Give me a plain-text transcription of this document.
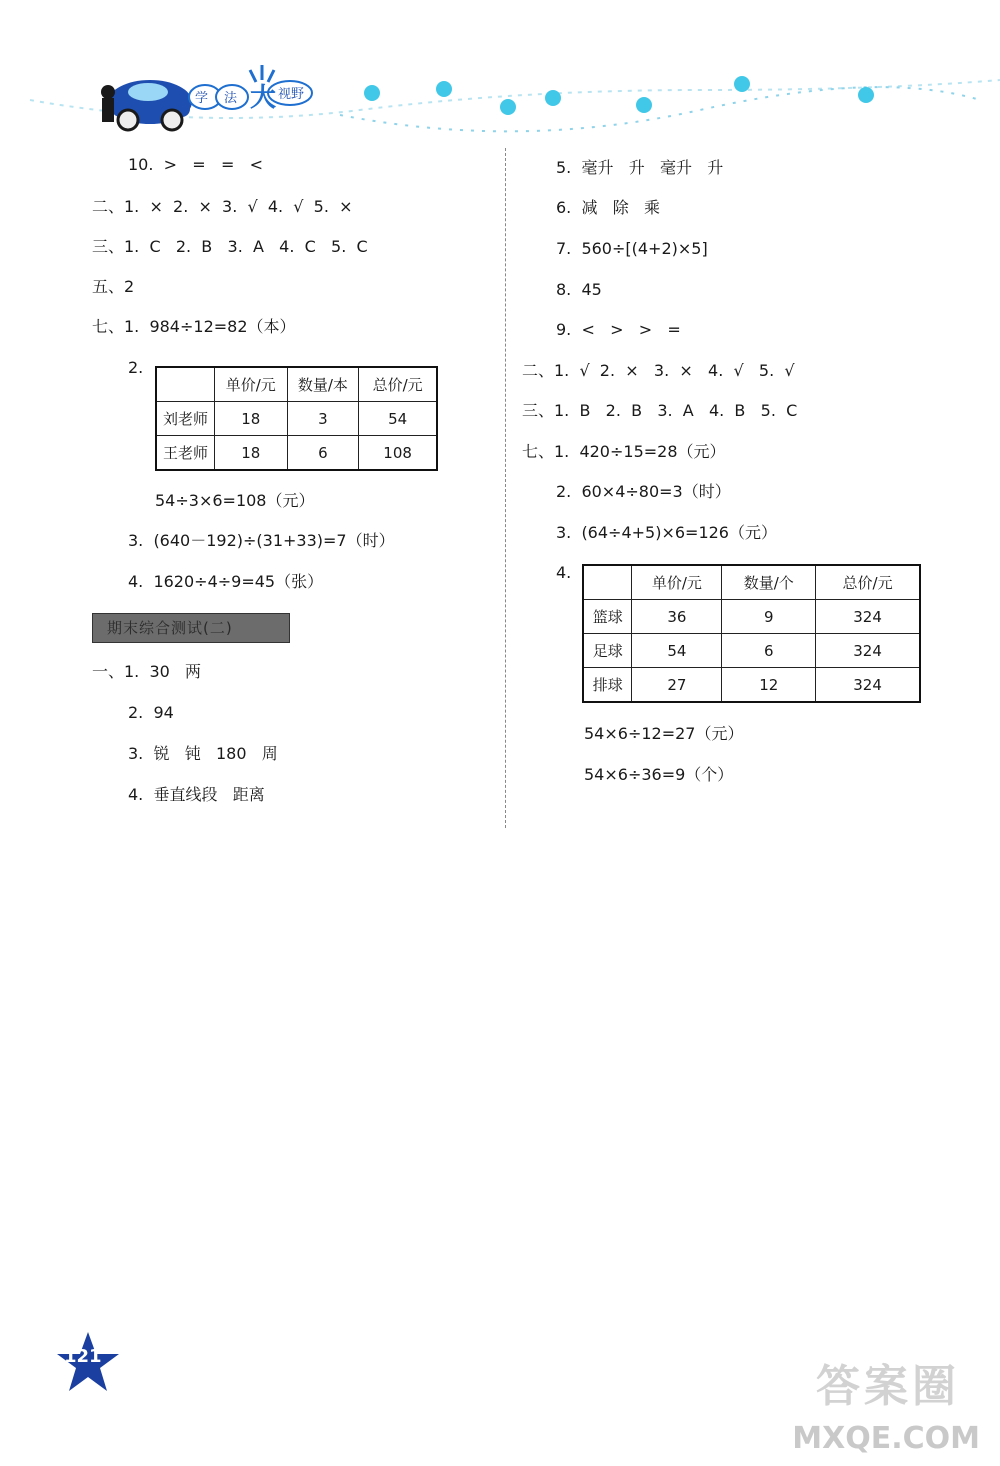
学 法 大 视野
10.  >   =   =   <
二、1.  ×  2.  ×  3.  √  4.  √  5.  ×
三、1.  C   2.  B   3.  A   4.  C   5.  C
五、2
七、1.  984÷12=82（本）
2.
	单价/元	数量/本	总价/元
刘老师	18	3	54
王老师	18	6	108
54÷3×6=108（元）
3.  (640－192)÷(31+33)=7（时）
4.  1620÷4÷9=45（张）
期末综合测试(二)
一、1.  30   两
2.  94
3.  锐   钝   180   周
4.  垂直线段   距离
5.  毫升   升   毫升   升
6.  减   除   乘
7.  560÷[(4+2)×5]
8.  45
9.  <   >   >   =
二、1.  √  2.  ×   3.  ×   4.  √   5.  √
三、1.  B   2.  B   3.  A   4.  B   5.  C
七、1.  420÷15=28（元）
2.  60×4÷80=3（时）
3.  (64÷4+5)×6=126（元）
4.
	单价/元	数量/个	总价/元
篮球	36	9	324
足球	54	6	324
排球	27	12	324
54×6÷12=27（元）
54×6÷36=9（个）
121
答案圈
MXQE.COM
